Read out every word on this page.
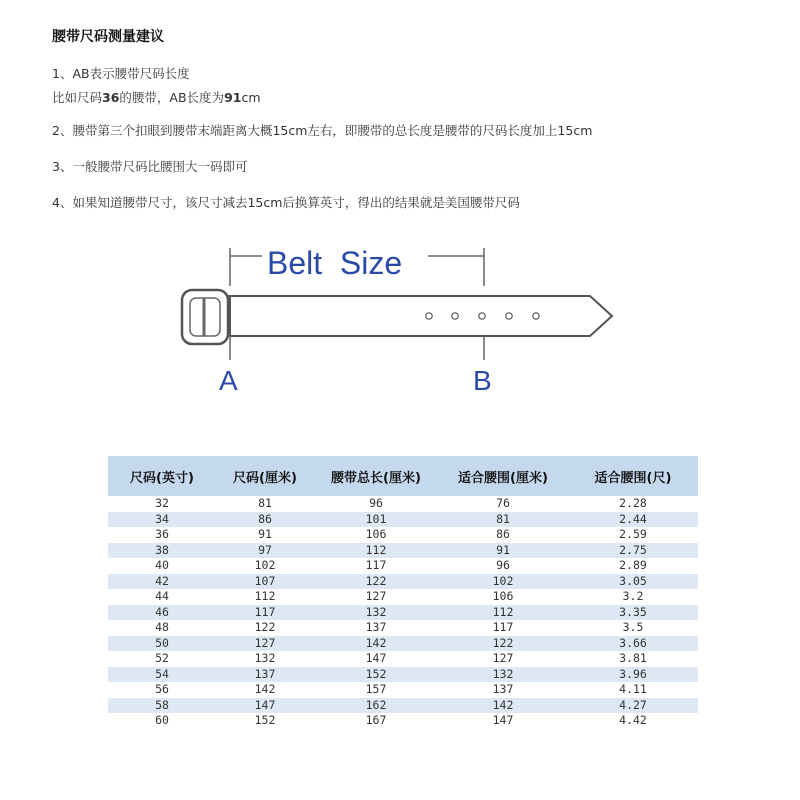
腰带尺码测量建议
1、AB表示腰带尺码长度
比如尺码36的腰带，AB长度为91cm
2、腰带第三个扣眼到腰带末端距离大概15cm左右，即腰带的总长度是腰带的尺码长度加上15cm
3、一般腰带尺码比腰围大一码即可
4、如果知道腰带尺寸，该尺寸减去15cm后换算英寸，得出的结果就是美国腰带尺码
Belt  Size
A	B
尺码(英寸)	尺码(厘米)	腰带总长(厘米)	适合腰围(厘米)	适合腰围(尺)
32	81	96	76	2.28
34	86	101	81	2.44
36	91	106	86	2.59
38	97	112	91	2.75
40	102	117	96	2.89
42	107	122	102	3.05
44	112	127	106	3.2
46	117	132	112	3.35
48	122	137	117	3.5
50	127	142	122	3.66
52	132	147	127	3.81
54	137	152	132	3.96
56	142	157	137	4.11
58	147	162	142	4.27
60	152	167	147	4.42
